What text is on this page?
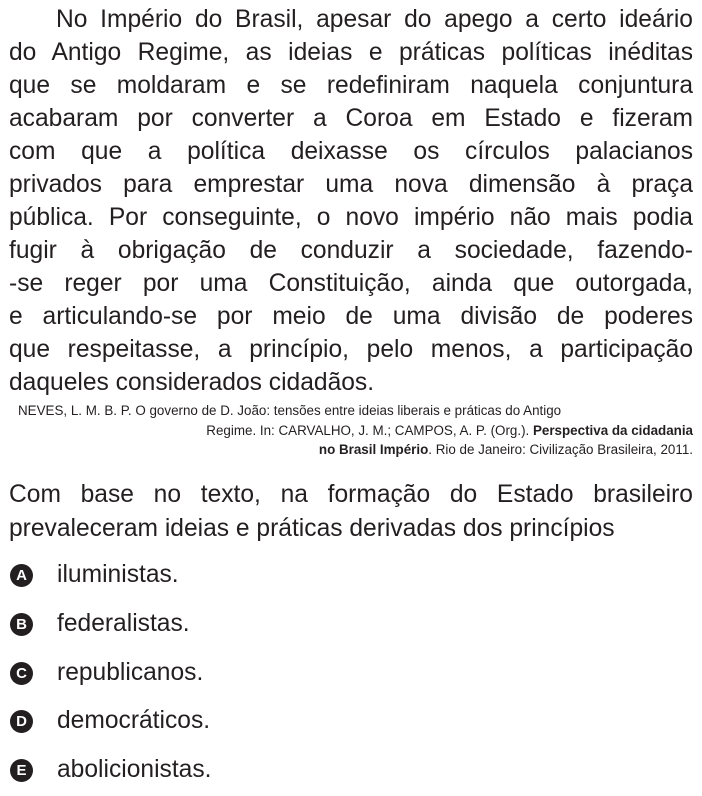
No Império do Brasil, apesar do apego a certo ideário
do Antigo Regime, as ideias e práticas políticas inéditas
que se moldaram e se redefiniram naquela conjuntura
acabaram por converter a Coroa em Estado e fizeram
com que a política deixasse os círculos palacianos
privados para emprestar uma nova dimensão à praça
pública. Por conseguinte, o novo império não mais podia
fugir à obrigação de conduzir a sociedade, fazendo-
-se reger por uma Constituição, ainda que outorgada,
e articulando-se por meio de uma divisão de poderes
que respeitasse, a princípio, pelo menos, a participação
daqueles considerados cidadãos.
NEVES, L. M. B. P. O governo de D. João: tensões entre ideias liberais e práticas do Antigo
Regime. In: CARVALHO, J. M.; CAMPOS, A. P. (Org.). Perspectiva da cidadania
no Brasil Império. Rio de Janeiro: Civilização Brasileira, 2011.
Com base no texto, na formação do Estado brasileiro
prevaleceram ideias e práticas derivadas dos princípios
A iluministas.
B federalistas.
C republicanos.
D democráticos.
E abolicionistas.
